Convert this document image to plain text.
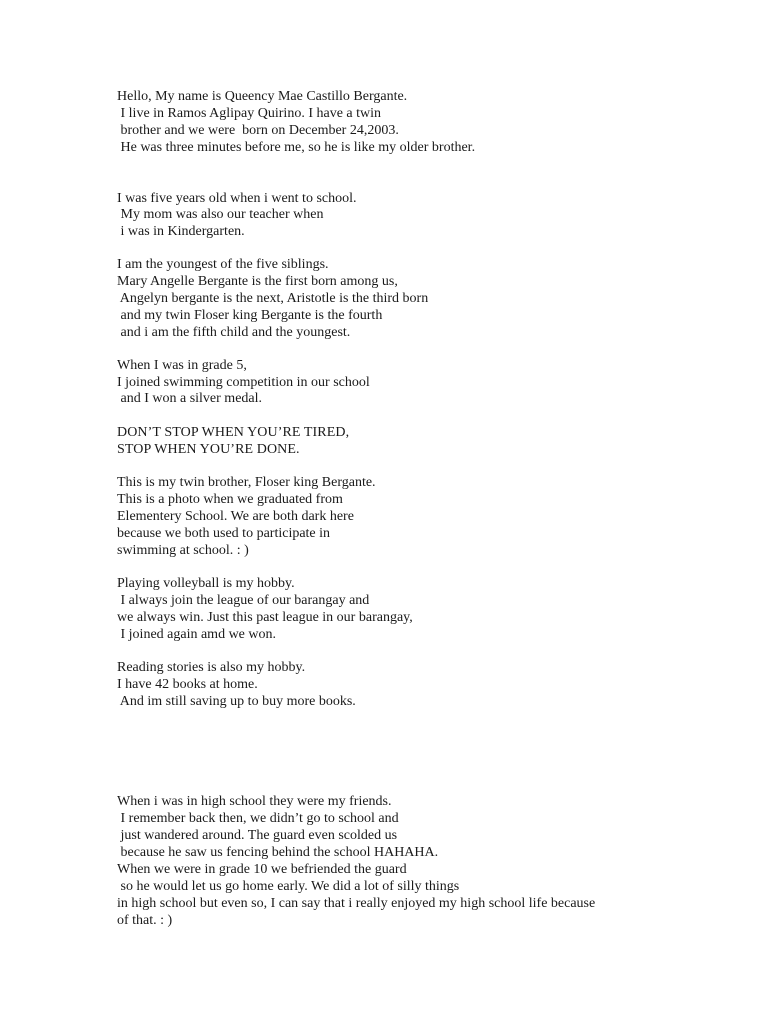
Hello, My name is Queency Mae Castillo Bergante.
I live in Ramos Aglipay Quirino. I have a twin
brother and we were  born on December 24,2003.
He was three minutes before me, so he is like my older brother.
I was five years old when i went to school.
My mom was also our teacher when
i was in Kindergarten.
I am the youngest of the five siblings.
Mary Angelle Bergante is the first born among us,
Angelyn bergante is the next, Aristotle is the third born
and my twin Floser king Bergante is the fourth
and i am the fifth child and the youngest.
When I was in grade 5,
I joined swimming competition in our school
and I won a silver medal.
DON’T STOP WHEN YOU’RE TIRED,
STOP WHEN YOU’RE DONE.
This is my twin brother, Floser king Bergante.
This is a photo when we graduated from
Elementery School. We are both dark here
because we both used to participate in
swimming at school. : )
Playing volleyball is my hobby.
I always join the league of our barangay and
we always win. Just this past league in our barangay,
I joined again amd we won.
Reading stories is also my hobby.
I have 42 books at home.
And im still saving up to buy more books.
When i was in high school they were my friends.
I remember back then, we didn’t go to school and
just wandered around. The guard even scolded us
because he saw us fencing behind the school HAHAHA.
When we were in grade 10 we befriended the guard
so he would let us go home early. We did a lot of silly things
in high school but even so, I can say that i really enjoyed my high school life because
of that. : )
